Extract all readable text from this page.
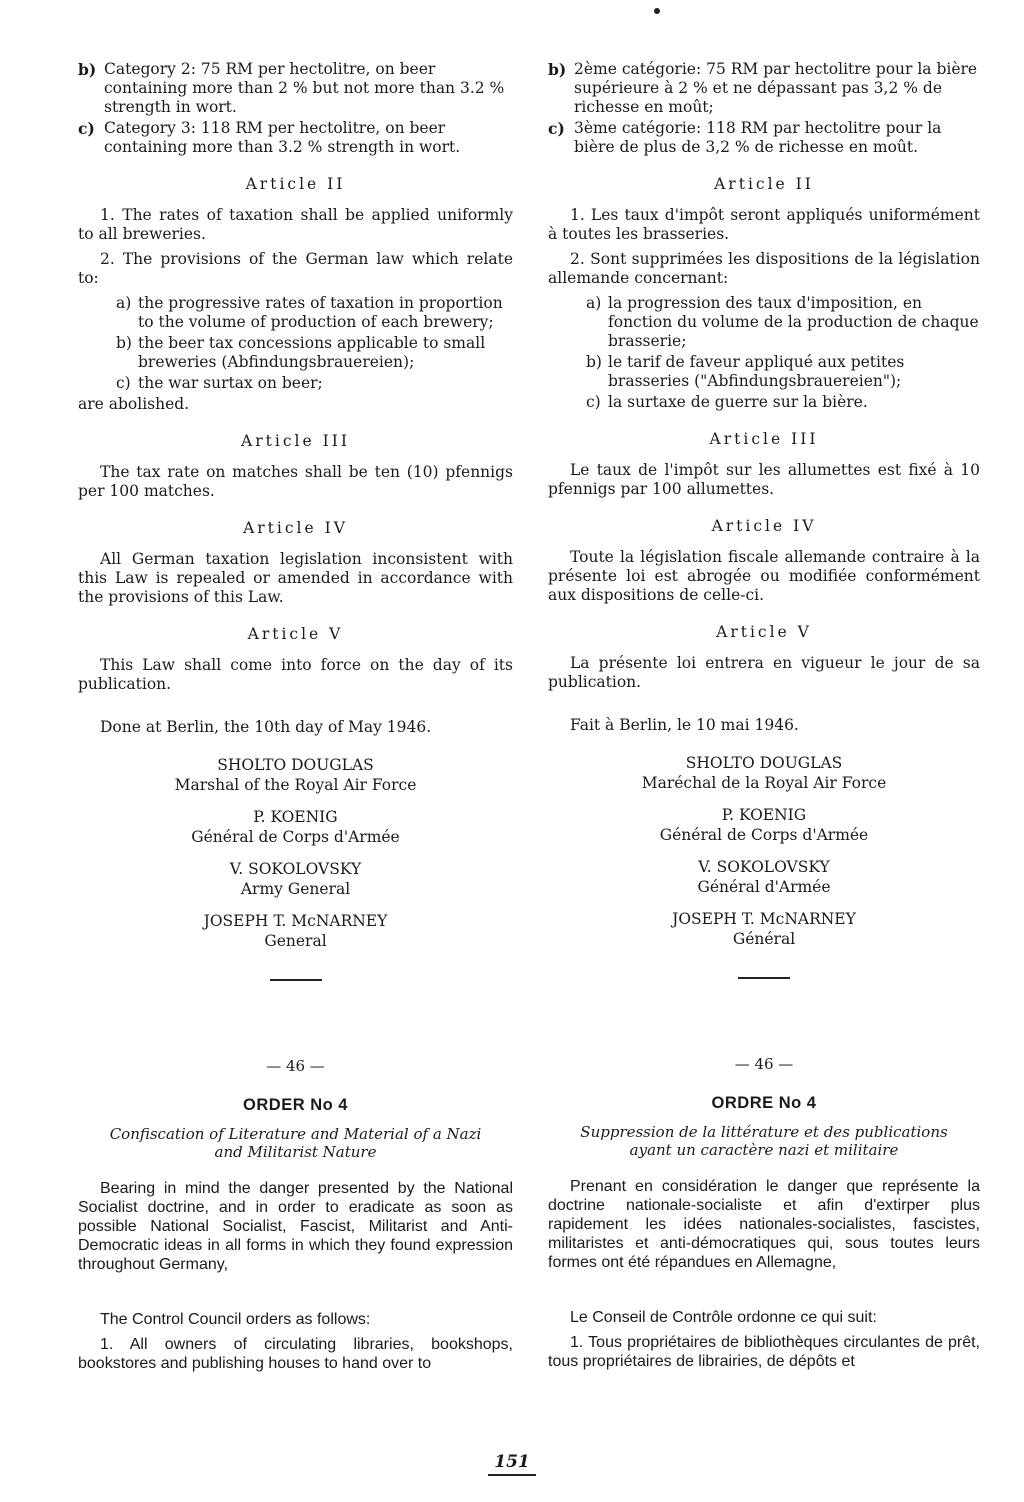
b) Category 2: 75 RM per hectolitre, on beer containing more than 2 % but not more than 3.2 % strength in wort.
c) Category 3: 118 RM per hectolitre, on beer containing more than 3.2 % strength in wort.
Article II
1. The rates of taxation shall be applied uniformly to all breweries.
2. The provisions of the German law which relate to:
a) the progressive rates of taxation in proportion to the volume of production of each brewery;
b) the beer tax concessions applicable to small breweries (Abfindungsbrauereien);
c) the war surtax on beer;
are abolished.
Article III
The tax rate on matches shall be ten (10) pfennigs per 100 matches.
Article IV
All German taxation legislation inconsistent with this Law is repealed or amended in accordance with the provisions of this Law.
Article V
This Law shall come into force on the day of its publication.
Done at Berlin, the 10th day of May 1946.
SHOLTO DOUGLAS
Marshal of the Royal Air Force
P. KOENIG
Général de Corps d'Armée
V. SOKOLOVSKY
Army General
JOSEPH T. McNARNEY
General
— 46 —
ORDER No 4
Confiscation of Literature and Material of a Nazi and Militarist Nature
Bearing in mind the danger presented by the National Socialist doctrine, and in order to eradicate as soon as possible National Socialist, Fascist, Militarist and Anti-Democratic ideas in all forms in which they found expression throughout Germany,
The Control Council orders as follows:
1. All owners of circulating libraries, bookshops, bookstores and publishing houses to hand over to
b) 2ème catégorie: 75 RM par hectolitre pour la bière supérieure à 2 % et ne dépassant pas 3,2 % de richesse en moût;
c) 3ème catégorie: 118 RM par hectolitre pour la bière de plus de 3,2 % de richesse en moût.
Article II
1. Les taux d'impôt seront appliqués uniformément à toutes les brasseries.
2. Sont supprimées les dispositions de la législation allemande concernant:
a) la progression des taux d'imposition, en fonction du volume de la production de chaque brasserie;
b) le tarif de faveur appliqué aux petites brasseries ("Abfindungsbrauereien");
c) la surtaxe de guerre sur la bière.
Article III
Le taux de l'impôt sur les allumettes est fixé à 10 pfennigs par 100 allumettes.
Article IV
Toute la législation fiscale allemande contraire à la présente loi est abrogée ou modifiée conformément aux dispositions de celle-ci.
Article V
La présente loi entrera en vigueur le jour de sa publication.
Fait à Berlin, le 10 mai 1946.
SHOLTO DOUGLAS
Maréchal de la Royal Air Force
P. KOENIG
Général de Corps d'Armée
V. SOKOLOVSKY
Général d'Armée
JOSEPH T. McNARNEY
Général
— 46 —
ORDRE No 4
Suppression de la littérature et des publications ayant un caractère nazi et militaire
Prenant en considération le danger que représente la doctrine nationale-socialiste et afin d'extirper plus rapidement les idées nationales-socialistes, fascistes, militaristes et anti-démocratiques qui, sous toutes leurs formes ont été répandues en Allemagne,
Le Conseil de Contrôle ordonne ce qui suit:
1. Tous propriétaires de bibliothèques circulantes de prêt, tous propriétaires de librairies, de dépôts et
151
